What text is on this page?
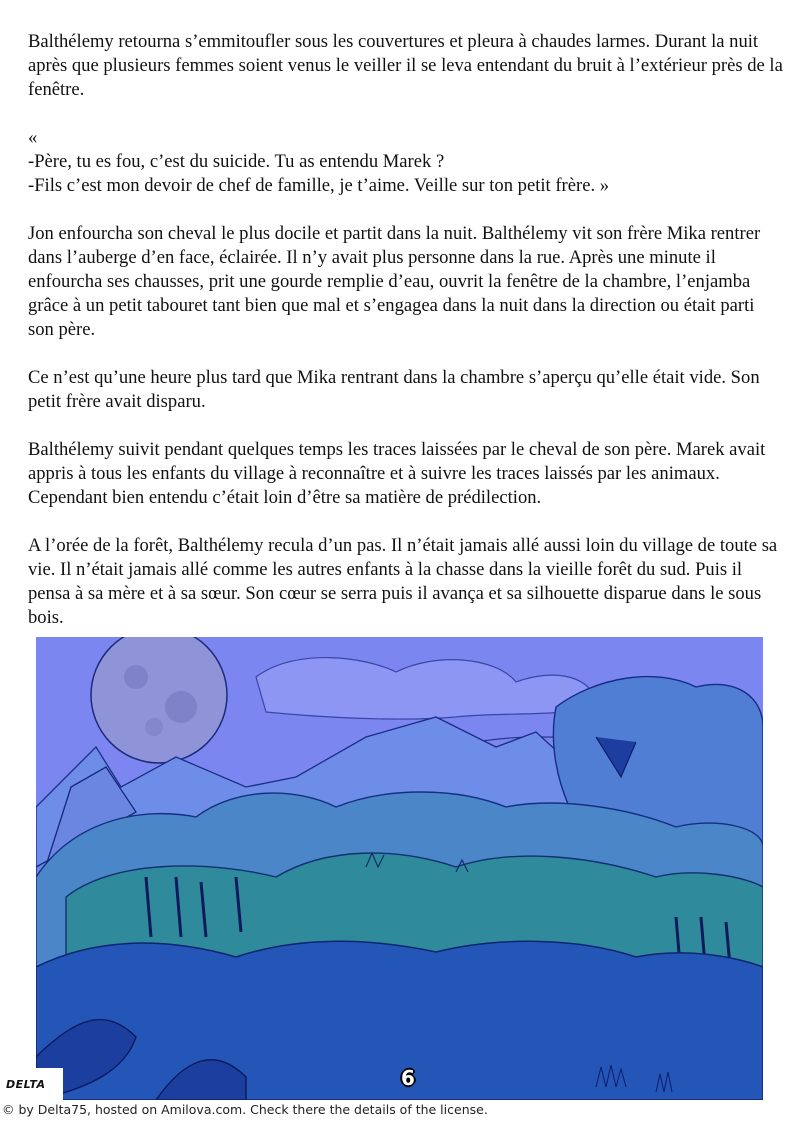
Balthélemy retourna s’emmitoufler sous les couvertures et pleura à chaudes larmes. Durant la nuit après que plusieurs femmes soient venus le veiller il se leva entendant du bruit à l’extérieur près de la fenêtre.

«
-Père, tu es fou, c’est du suicide. Tu as entendu Marek ?
-Fils c’est mon devoir de chef de famille, je t’aime. Veille sur ton petit frère. »

Jon enfourcha son cheval le plus docile et partit dans la nuit. Balthélemy vit son frère Mika rentrer dans l’auberge d’en face, éclairée. Il n’y avait plus personne dans la rue. Après une minute il enfourcha ses chausses, prit une gourde remplie d’eau, ouvrit la fenêtre de la chambre, l’enjamba grâce à un petit tabouret tant bien que mal et s’engagea dans la nuit dans la direction ou était parti son père.

Ce n’est qu’une heure plus tard que Mika rentrant dans la chambre s’aperçu qu’elle était vide. Son petit frère avait disparu.

Balthélemy suivit pendant quelques temps les traces laissées par le cheval de son père. Marek avait appris à tous les enfants du village à reconnaître et à suivre les traces laissés par les animaux. Cependant bien entendu c’était loin d’être sa matière de prédilection.

A l’orée de la forêt, Balthélemy recula d’un pas. Il n’était jamais allé aussi loin du village de toute sa vie. Il n’était jamais allé comme les autres enfants à la chasse dans la vieille forêt du sud. Puis il pensa à sa mère et à sa sœur. Son cœur se serra puis il avança et sa silhouette disparue dans le sous bois.

DELTA	6
© by Delta75, hosted on Amilova.com. Check there the details of the license.
